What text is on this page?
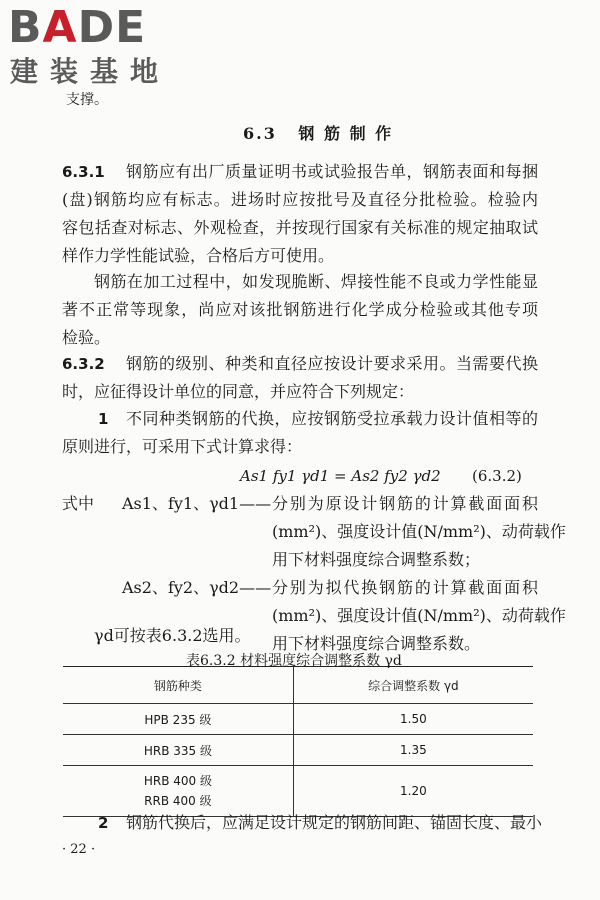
BADE
建装基地
支撑。
6.3 钢 筋 制 作
6.3.1 钢筋应有出厂质量证明书或试验报告单，钢筋表面和每捆
(盘)钢筋均应有标志。进场时应按批号及直径分批检验。检验内
容包括查对标志、外观检查，并按现行国家有关标准的规定抽取试
样作力学性能试验，合格后方可使用。
钢筋在加工过程中，如发现脆断、焊接性能不良或力学性能显
著不正常等现象，尚应对该批钢筋进行化学成分检验或其他专项
检验。
6.3.2 钢筋的级别、种类和直径应按设计要求采用。当需要代换
时，应征得设计单位的同意，并应符合下列规定：
1 不同种类钢筋的代换，应按钢筋受拉承载力设计值相等的
原则进行，可采用下式计算求得：
As1 fy1 γd1 = As2 fy2 γd2 (6.3.2)
式中 As1、fy1、γd1—— 分别为原设计钢筋的计算截面面积
(mm²)、强度设计值(N/mm²)、动荷载作
用下材料强度综合调整系数；
As2、fy2、γd2—— 分别为拟代换钢筋的计算截面面积
(mm²)、强度设计值(N/mm²)、动荷载作
用下材料强度综合调整系数。
γd可按表6.3.2选用。
表6.3.2 材料强度综合调整系数 γd
钢筋种类	综合调整系数 γd
HPB 235 级	1.50
HRB 335 级	1.35

HRB 400 级
RRB 400 级	1.20
2 钢筋代换后，应满足设计规定的钢筋间距、锚固长度、最小
· 22 ·
